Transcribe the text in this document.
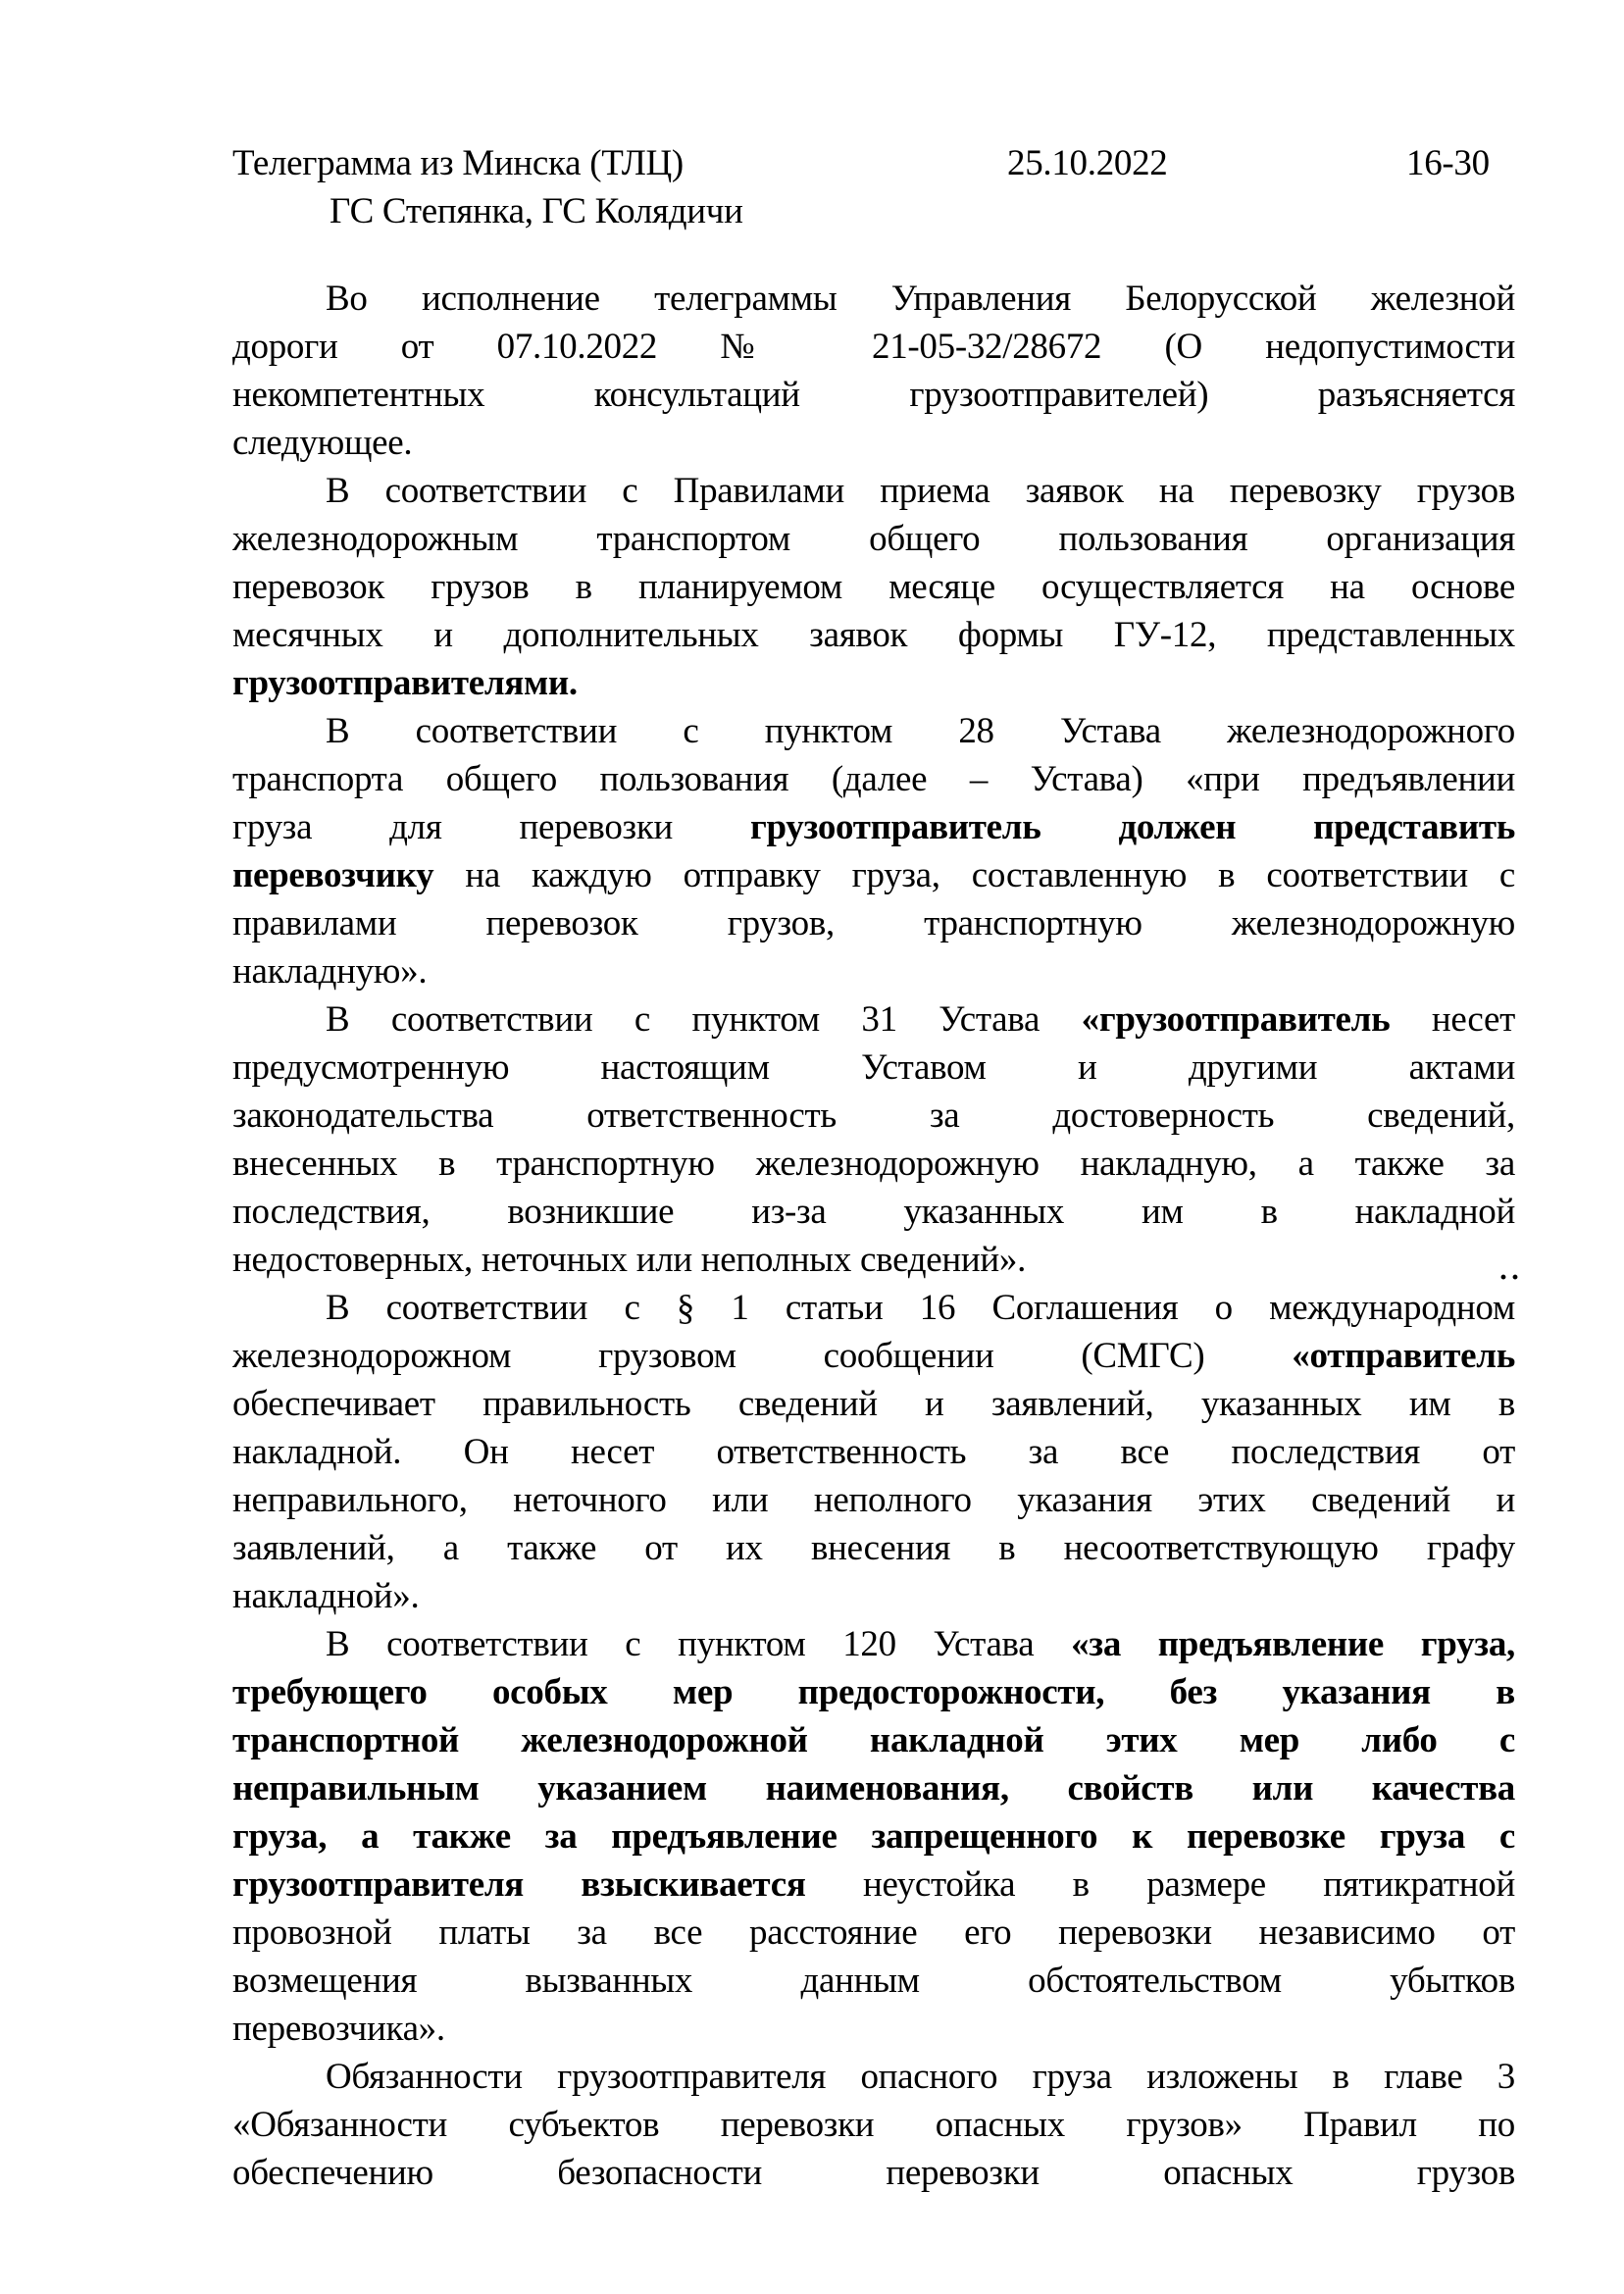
Телеграмма из Минска (ТЛЦ)	25.10.2022	16-30
ГС Степянка, ГС Колядичи
Во исполнение телеграммы Управления Белорусской железной
дороги от 07.10.2022 № 21-05-32/28672 (О недопустимости
некомпетентных консультаций грузоотправителей) разъясняется
следующее.
В соответствии с Правилами приема заявок на перевозку грузов
железнодорожным транспортом общего пользования организация
перевозок грузов в планируемом месяце осуществляется на основе
месячных и дополнительных заявок формы ГУ-12, представленных
грузоотправителями.
В соответствии с пунктом 28 Устава железнодорожного
транспорта общего пользования (далее – Устава) «при предъявлении
груза для перевозки грузоотправитель должен представить
перевозчику на каждую отправку груза, составленную в соответствии с
правилами перевозок грузов, транспортную железнодорожную
накладную».
В соответствии с пунктом 31 Устава «грузоотправитель несет
предусмотренную настоящим Уставом и другими актами
законодательства ответственность за достоверность сведений,
внесенных в транспортную железнодорожную накладную, а также за
последствия, возникшие из-за указанных им в накладной
недостоверных, неточных или неполных сведений».
В соответствии с § 1 статьи 16 Соглашения о международном
железнодорожном грузовом сообщении (СМГС) «отправитель
обеспечивает правильность сведений и заявлений, указанных им в
накладной. Он несет ответственность за все последствия от
неправильного, неточного или неполного указания этих сведений и
заявлений, а также от их внесения в несоответствующую графу
накладной».
В соответствии с пунктом 120 Устава «за предъявление груза,
требующего особых мер предосторожности, без указания в
транспортной железнодорожной накладной этих мер либо с
неправильным указанием наименования, свойств или качества
груза, а также за предъявление запрещенного к перевозке груза с
грузоотправителя взыскивается неустойка в размере пятикратной
провозной платы за все расстояние его перевозки независимо от
возмещения вызванных данным обстоятельством убытков
перевозчика».
Обязанности грузоотправителя опасного груза изложены в главе 3
«Обязанности субъектов перевозки опасных грузов» Правил по
обеспечению безопасности перевозки опасных грузов
··
